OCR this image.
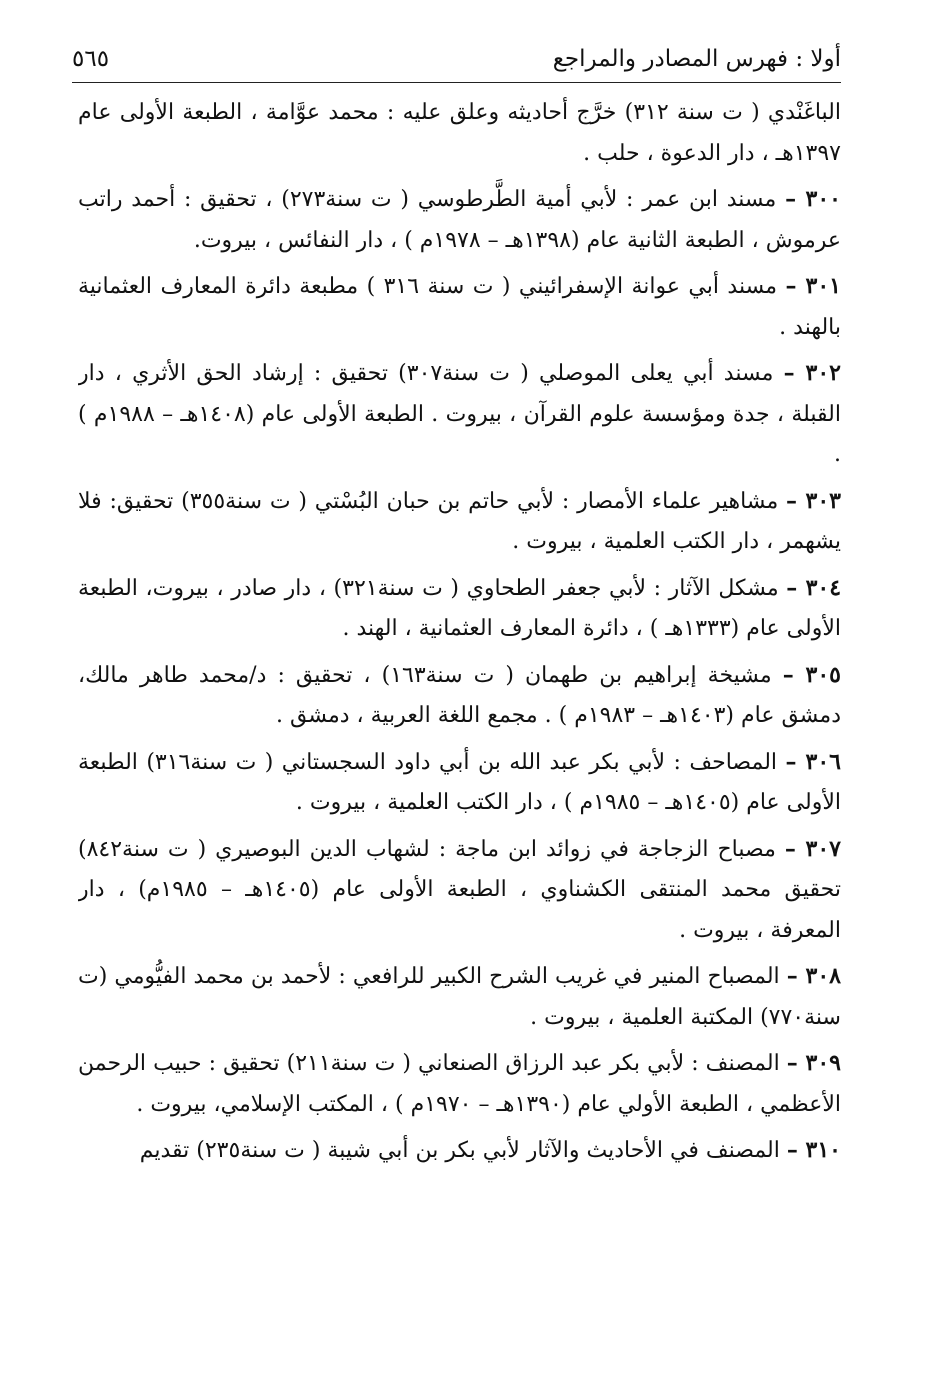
أولا : فهرس المصادر والمراجع
٥٦٥

الباغَنْدي ( ت سنة ٣١٢) خرَّج أحاديثه وعلق عليه : محمد عوَّامة ، الطبعة الأولى عام ١٣٩٧هـ ، دار الدعوة ، حلب .

٣٠٠ – مسند ابن عمر : لأبي أمية الطَّرطوسي ( ت سنة٢٧٣) ، تحقيق : أحمد راتب عرموش ، الطبعة الثانية عام (١٣٩٨هـ – ١٩٧٨م ) ، دار النفائس ، بيروت.

٣٠١ – مسند أبي عوانة الإسفرائيني ( ت سنة ٣١٦ ) مطبعة دائرة المعارف العثمانية بالهند .

٣٠٢ – مسند أبي يعلى الموصلي ( ت سنة٣٠٧) تحقيق : إرشاد الحق الأثري ، دار القبلة ، جدة ومؤسسة علوم القرآن ، بيروت . الطبعة الأولى عام (١٤٠٨هـ – ١٩٨٨م ) .

٣٠٣ – مشاهير علماء الأمصار : لأبي حاتم بن حبان البُسْتي ( ت سنة٣٥٥) تحقيق: فلا يشهمر ، دار الكتب العلمية ، بيروت .

٣٠٤ – مشكل الآثار : لأبي جعفر الطحاوي ( ت سنة٣٢١) ، دار صادر ، بيروت، الطبعة الأولى عام (١٣٣٣هـ ) ، دائرة المعارف العثمانية ، الهند .

٣٠٥ – مشيخة إبراهيم بن طهمان ( ت سنة١٦٣) ، تحقيق : د/محمد طاهر مالك، دمشق عام (١٤٠٣هـ – ١٩٨٣م ) . مجمع اللغة العربية ، دمشق .

٣٠٦ – المصاحف : لأبي بكر عبد الله بن أبي داود السجستاني ( ت سنة٣١٦) الطبعة الأولى عام (١٤٠٥هـ – ١٩٨٥م ) ، دار الكتب العلمية ، بيروت .

٣٠٧ – مصباح الزجاجة في زوائد ابن ماجة : لشهاب الدين البوصيري ( ت سنة٨٤٢) تحقيق محمد المنتقى الكشناوي ، الطبعة الأولى عام (١٤٠٥هـ – ١٩٨٥م) ، دار المعرفة ، بيروت .

٣٠٨ – المصباح المنير في غريب الشرح الكبير للرافعي : لأحمد بن محمد الفيُّومي (ت سنة٧٧٠) المكتبة العلمية ، بيروت .

٣٠٩ – المصنف : لأبي بكر عبد الرزاق الصنعاني ( ت سنة٢١١) تحقيق : حبيب الرحمن الأعظمي ، الطبعة الأولي عام (١٣٩٠هـ – ١٩٧٠م ) ، المكتب الإسلامي، بيروت .

٣١٠ – المصنف في الأحاديث والآثار لأبي بكر بن أبي شيبة ( ت سنة٢٣٥) تقديم
